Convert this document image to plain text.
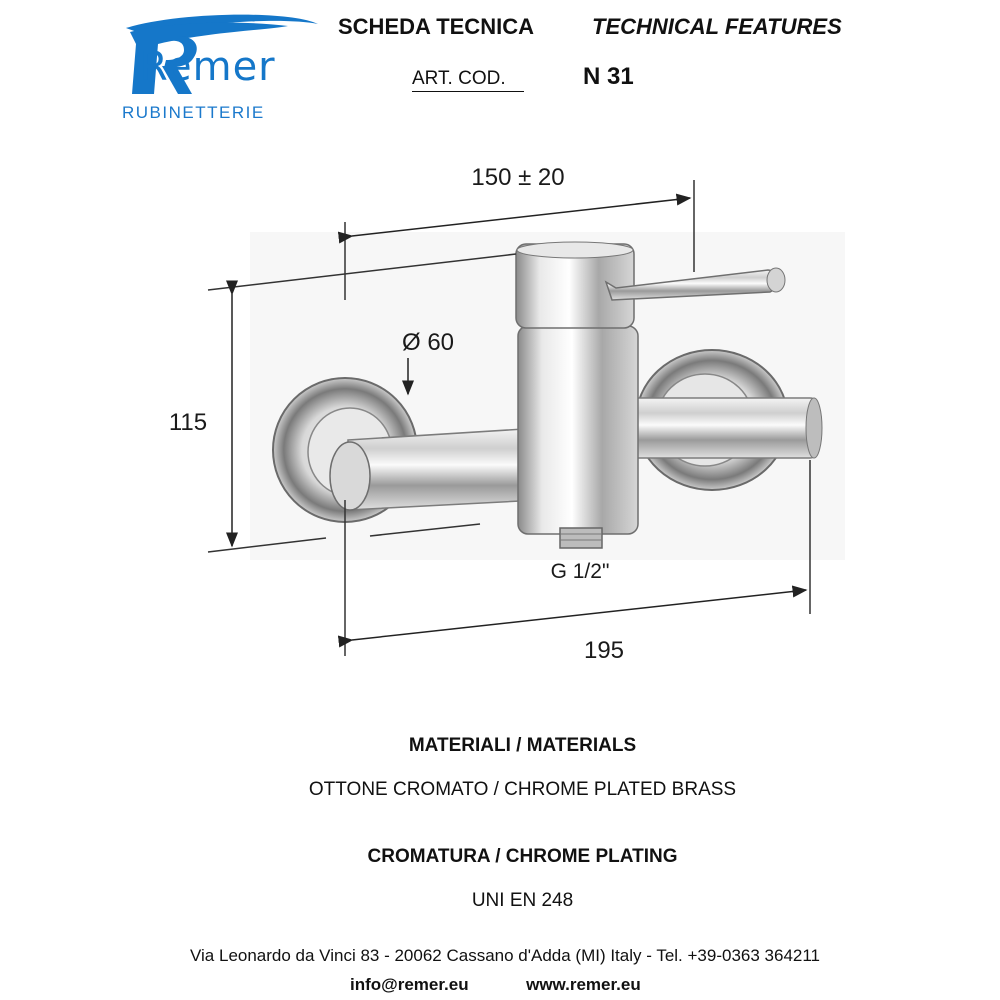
Remer
RUBINETTERIE
SCHEDA TECNICA	TECHNICAL FEATURES
ART. COD.	N 31
150 ± 20
115
Ø 60
G 1/2"
195
MATERIALI / MATERIALS
OTTONE CROMATO / CHROME PLATED BRASS
CROMATURA / CHROME PLATING
UNI EN 248
Via Leonardo da Vinci 83 - 20062 Cassano d'Adda (MI) Italy - Tel. +39-0363 364211
info@remer.eu	www.remer.eu
